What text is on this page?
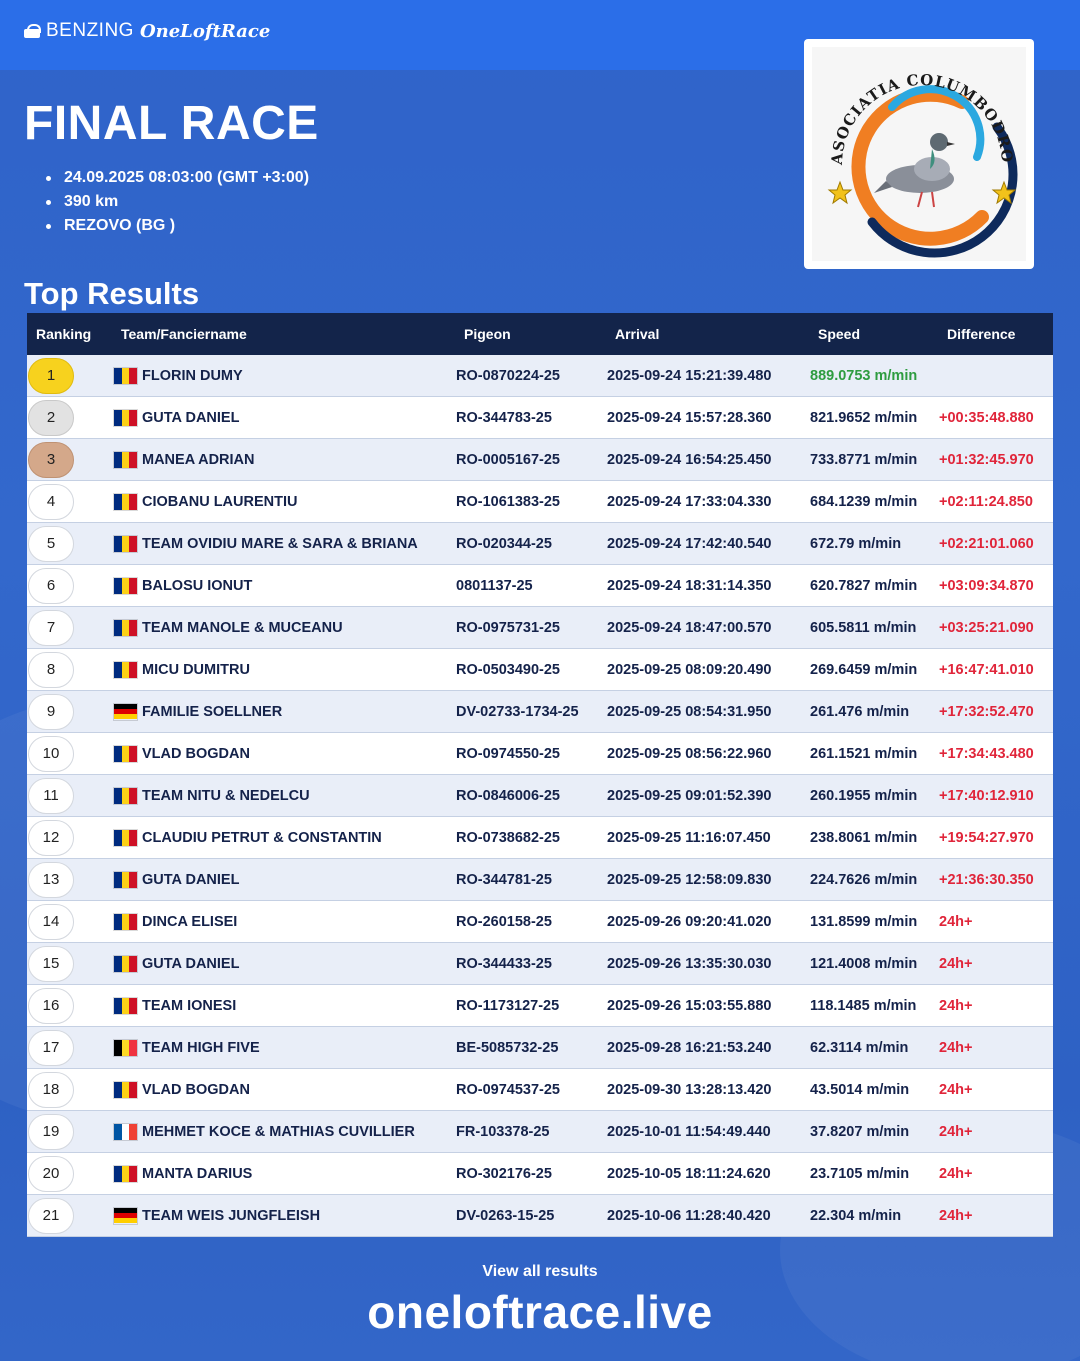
BENZING OneLoftRace
FINAL RACE
24.09.2025 08:03:00 (GMT +3:00)
390 km
REZOVO (BG )
ASOCIATIA COLUMBODRO
Top Results
Ranking	Team/Fanciername	Pigeon	Arrival	Speed	Difference
1	FLORIN DUMY	RO-0870224-25	2025-09-24 15:21:39.480	889.0753 m/min
2	GUTA DANIEL	RO-344783-25	2025-09-24 15:57:28.360	821.9652 m/min	+00:35:48.880
3	MANEA ADRIAN	RO-0005167-25	2025-09-24 16:54:25.450	733.8771 m/min	+01:32:45.970
4	CIOBANU LAURENTIU	RO-1061383-25	2025-09-24 17:33:04.330	684.1239 m/min	+02:11:24.850
5	TEAM OVIDIU MARE & SARA & BRIANA	RO-020344-25	2025-09-24 17:42:40.540	672.79 m/min	+02:21:01.060
6	BALOSU IONUT	0801137-25	2025-09-24 18:31:14.350	620.7827 m/min	+03:09:34.870
7	TEAM MANOLE & MUCEANU	RO-0975731-25	2025-09-24 18:47:00.570	605.5811 m/min	+03:25:21.090
8	MICU DUMITRU	RO-0503490-25	2025-09-25 08:09:20.490	269.6459 m/min	+16:47:41.010
9	FAMILIE SOELLNER	DV-02733-1734-25	2025-09-25 08:54:31.950	261.476 m/min	+17:32:52.470
10	VLAD BOGDAN	RO-0974550-25	2025-09-25 08:56:22.960	261.1521 m/min	+17:34:43.480
11	TEAM NITU & NEDELCU	RO-0846006-25	2025-09-25 09:01:52.390	260.1955 m/min	+17:40:12.910
12	CLAUDIU PETRUT & CONSTANTIN	RO-0738682-25	2025-09-25 11:16:07.450	238.8061 m/min	+19:54:27.970
13	GUTA DANIEL	RO-344781-25	2025-09-25 12:58:09.830	224.7626 m/min	+21:36:30.350
14	DINCA ELISEI	RO-260158-25	2025-09-26 09:20:41.020	131.8599 m/min	24h+
15	GUTA DANIEL	RO-344433-25	2025-09-26 13:35:30.030	121.4008 m/min	24h+
16	TEAM IONESI	RO-1173127-25	2025-09-26 15:03:55.880	118.1485 m/min	24h+
17	TEAM HIGH FIVE	BE-5085732-25	2025-09-28 16:21:53.240	62.3114 m/min	24h+
18	VLAD BOGDAN	RO-0974537-25	2025-09-30 13:28:13.420	43.5014 m/min	24h+
19	MEHMET KOCE & MATHIAS CUVILLIER	FR-103378-25	2025-10-01 11:54:49.440	37.8207 m/min	24h+
20	MANTA DARIUS	RO-302176-25	2025-10-05 18:11:24.620	23.7105 m/min	24h+
21	TEAM WEIS JUNGFLEISH	DV-0263-15-25	2025-10-06 11:28:40.420	22.304 m/min	24h+
View all results
oneloftrace.live
